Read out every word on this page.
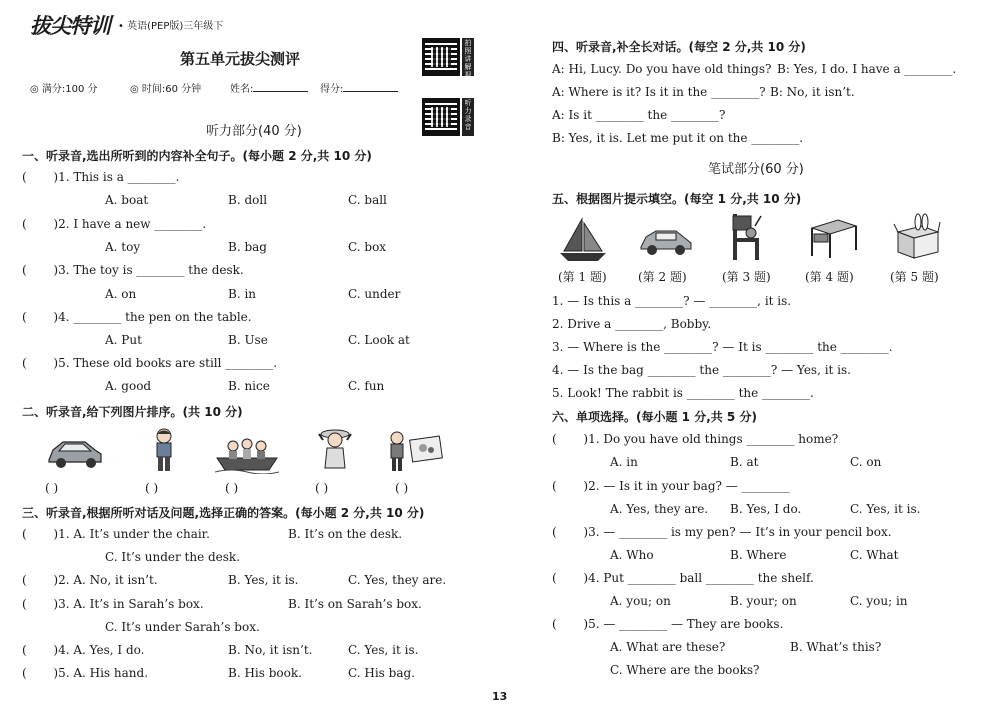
拔尖特训 • 英语(PEP版)三年级下
第五单元拔尖测评
◎ 满分:100 分	◎ 时间:60 分钟	姓名:	得分:
拍照讲解视频
听力录音
听力部分(40 分)
一、听录音,选出所听到的内容补全句子。(每小题 2 分,共 10 分)
(       )1. This is a ________.
A. boat	B. doll	C. ball
(       )2. I have a new ________.
A. toy	B. bag	C. box
(       )3. The toy is ________ the desk.
A. on	B. in	C. under
(       )4. ________ the pen on the table.
A. Put	B. Use	C. Look at
(       )5. These old books are still ________.
A. good	B. nice	C. fun
二、听录音,给下列图片排序。(共 10 分)
( )	( )	( )	( )	( )
三、听录音,根据所听对话及问题,选择正确的答案。(每小题 2 分,共 10 分)
(       )1. A. It’s under the chair.	B. It’s on the desk.
C. It’s under the desk.
(       )2. A. No, it isn’t.	B. Yes, it is.	C. Yes, they are.
(       )3. A. It’s in Sarah’s box.	B. It’s on Sarah’s box.
C. It’s under Sarah’s box.
(       )4. A. Yes, I do.	B. No, it isn’t.	C. Yes, it is.
(       )5. A. His hand.	B. His book.	C. His bag.
四、听录音,补全长对话。(每空 2 分,共 10 分)
A: Hi, Lucy. Do you have old things? B: Yes, I do. I have a ________.
A: Where is it? Is it in the ________? B: No, it isn’t.
A: Is it ________ the ________?
B: Yes, it is. Let me put it on the ________.
笔试部分(60 分)
五、根据图片提示填空。(每空 1 分,共 10 分)
(第 1 题)	(第 2 题)	(第 3 题)	(第 4 题)	(第 5 题)
1. — Is this a ________? — ________, it is.
2. Drive a ________, Bobby.
3. — Where is the ________? — It is ________ the ________.
4. — Is the bag ________ the ________? — Yes, it is.
5. Look! The rabbit is ________ the ________.
六、单项选择。(每小题 1 分,共 5 分)
(       )1. Do you have old things ________ home?
A. in	B. at	C. on
(       )2. — Is it in your bag? — ________
A. Yes, they are. B. Yes, I do.	C. Yes, it is.
(       )3. — ________ is my pen? — It’s in your pencil box.
A. Who	B. Where	C. What
(       )4. Put ________ ball ________ the shelf.
A. you; on	B. your; on	C. you; in
(       )5. — ________ — They are books.
A. What are these?	B. What’s this?
C. Where are the books?
13
